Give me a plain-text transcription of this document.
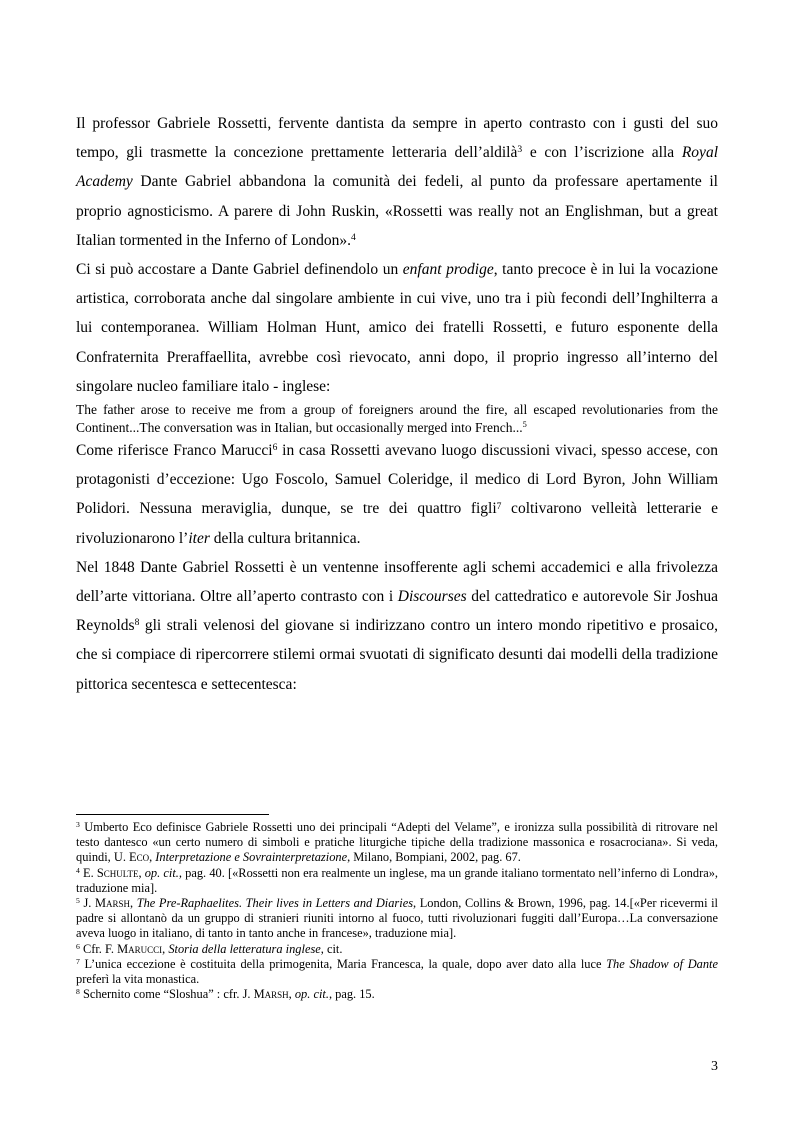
Il professor Gabriele Rossetti, fervente dantista da sempre in aperto contrasto con i gusti del suo tempo, gli trasmette la concezione prettamente letteraria dell’aldilà$^3$ e con l’iscrizione alla Royal Academy Dante Gabriel abbandona la comunità dei fedeli, al punto da professare apertamente il proprio agnosticismo. A parere di John Ruskin, «Rossetti was really not an Englishman, but a great Italian tormented in the Inferno of London».$^4$

Ci si può accostare a Dante Gabriel definendolo un enfant prodige, tanto precoce è in lui la vocazione artistica, corroborata anche dal singolare ambiente in cui vive, uno tra i più fecondi dell’Inghilterra a lui contemporanea. William Holman Hunt, amico dei fratelli Rossetti, e futuro esponente della Confraternita Preraffaellita, avrebbe così rievocato, anni dopo, il proprio ingresso all’interno del singolare nucleo familiare italo - inglese:

The father arose to receive me from a group of foreigners around the fire, all escaped revolutionaries from the Continent...The conversation was in Italian, but occasionally merged into French...$^5$

Come riferisce Franco Marucci$^6$ in casa Rossetti avevano luogo discussioni vivaci, spesso accese, con protagonisti d’eccezione: Ugo Foscolo, Samuel Coleridge, il medico di Lord Byron, John William Polidori. Nessuna meraviglia, dunque, se tre dei quattro figli$^7$ coltivarono velleità letterarie e rivoluzionarono l’iter della cultura britannica.

Nel 1848 Dante Gabriel Rossetti è un ventenne insofferente agli schemi accademici e alla frivolezza dell’arte vittoriana. Oltre all’aperto contrasto con i Discourses del cattedratico e autorevole Sir Joshua Reynolds$^8$ gli strali velenosi del giovane si indirizzano contro un intero mondo ripetitivo e prosaico, che si compiace di ripercorrere stilemi ormai svuotati di significato desunti dai modelli della tradizione pittorica secentesca e settecentesca:

$^3$ Umberto Eco definisce Gabriele Rossetti uno dei principali “Adepti del Velame”, e ironizza sulla possibilità di ritrovare nel testo dantesco «un certo numero di simboli e pratiche liturgiche tipiche della tradizione massonica e rosacrociana». Si veda, quindi, U. Eco, Interpretazione e Sovrainterpretazione, Milano, Bompiani, 2002, pag. 67.

$^4$ E. Schulte, op. cit., pag. 40. [«Rossetti non era realmente un inglese, ma un grande italiano tormentato nell’inferno di Londra», traduzione mia].

$^5$ J. Marsh, The Pre-Raphaelites. Their lives in Letters and Diaries, London, Collins & Brown, 1996, pag. 14.[«Per ricevermi il padre si allontanò da un gruppo di stranieri riuniti intorno al fuoco, tutti rivoluzionari fuggiti dall’Europa…La conversazione aveva luogo in italiano, di tanto in tanto anche in francese», traduzione mia].

$^6$ Cfr. F. Marucci, Storia della letteratura inglese, cit.

$^7$ L’unica eccezione è costituita della primogenita, Maria Francesca, la quale, dopo aver dato alla luce The Shadow of Dante preferì la vita monastica.

$^8$ Schernito come “Sloshua” : cfr. J. Marsh, op. cit., pag. 15.

3
